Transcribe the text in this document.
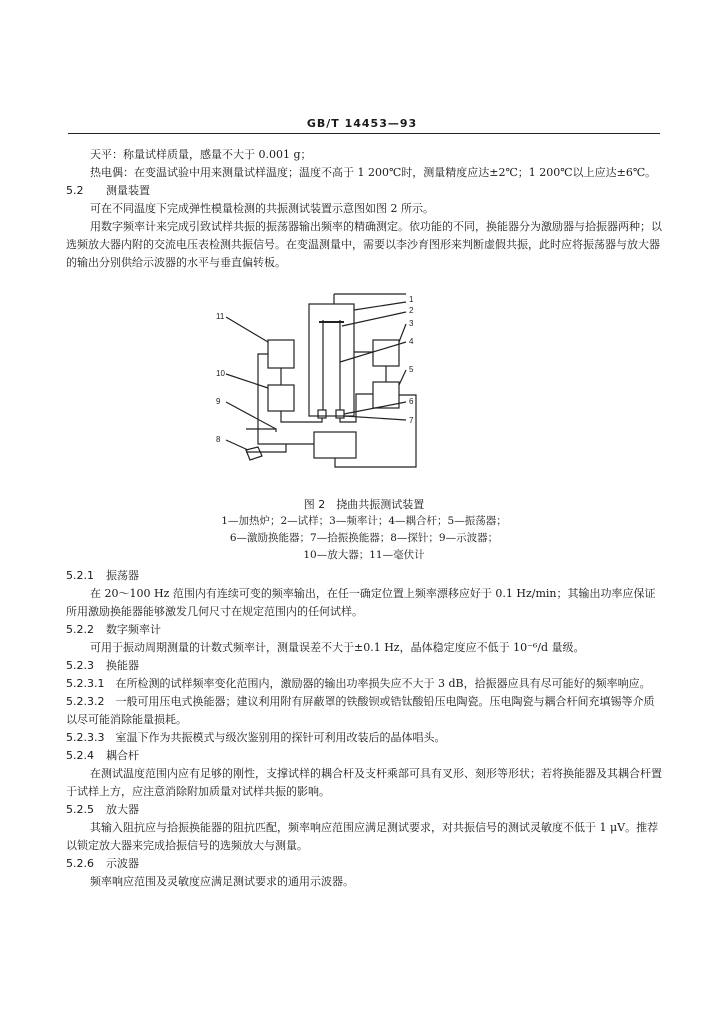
GB/T 14453—93

天平：称量试样质量，感量不大于 0.001 g；

热电偶：在变温试验中用来测量试样温度；温度不高于 1 200℃时，测量精度应达±2℃；1 200℃以上应达±6℃。

5.2 测量装置

可在不同温度下完成弹性模量检测的共振测试装置示意图如图 2 所示。

用数字频率计来完成引致试样共振的振荡器输出频率的精确测定。依功能的不同，换能器分为激励器与拾振器两种；以选频放大器内附的交流电压表检测共振信号。在变温测量中，需要以李沙育图形来判断虚假共振，此时应将振荡器与放大器的输出分别供给示波器的水平与垂直偏转板。

1
2
3
4
5
6
7
8
9
10
11

图 2　挠曲共振测试装置

1—加热炉；2—试样；3—频率计；4—耦合杆；5—振荡器；

6—激励换能器；7—拾振换能器；8—探针；9—示波器；

10—放大器；11—毫伏计

5.2.1 振荡器

在 20～100 Hz 范围内有连续可变的频率输出，在任一确定位置上频率漂移应好于 0.1 Hz/min；其输出功率应保证所用激励换能器能够激发几何尺寸在规定范围内的任何试样。

5.2.2 数字频率计

可用于振动周期测量的计数式频率计，测量误差不大于±0.1 Hz，晶体稳定度应不低于 10⁻⁶/d 量级。

5.2.3 换能器

5.2.3.1　 在所检测的试样频率变化范围内，激励器的输出功率损失应不大于 3 dB，拾振器应具有尽可能好的频率响应。

5.2.3.2　 一般可用压电式换能器；建议利用附有屏蔽罩的铁酸钡或锆钛酸铅压电陶瓷。压电陶瓷与耦合杆间充填锡等介质以尽可能消除能量损耗。

5.2.3.3　 室温下作为共振模式与级次鉴别用的探针可利用改装后的晶体唱头。

5.2.4 耦合杆

在测试温度范围内应有足够的刚性，支撑试样的耦合杆及支杆乘部可具有叉形、刻形等形状；若将换能器及其耦合杆置于试样上方，应注意消除附加质量对试样共振的影响。

5.2.5 放大器

其输入阻抗应与拾振换能器的阻抗匹配，频率响应范围应满足测试要求，对共振信号的测试灵敏度不低于 1 μV。推荐以锁定放大器来完成拾振信号的选频放大与测量。

5.2.6 示波器

频率响应范围及灵敏度应满足测试要求的通用示波器。
